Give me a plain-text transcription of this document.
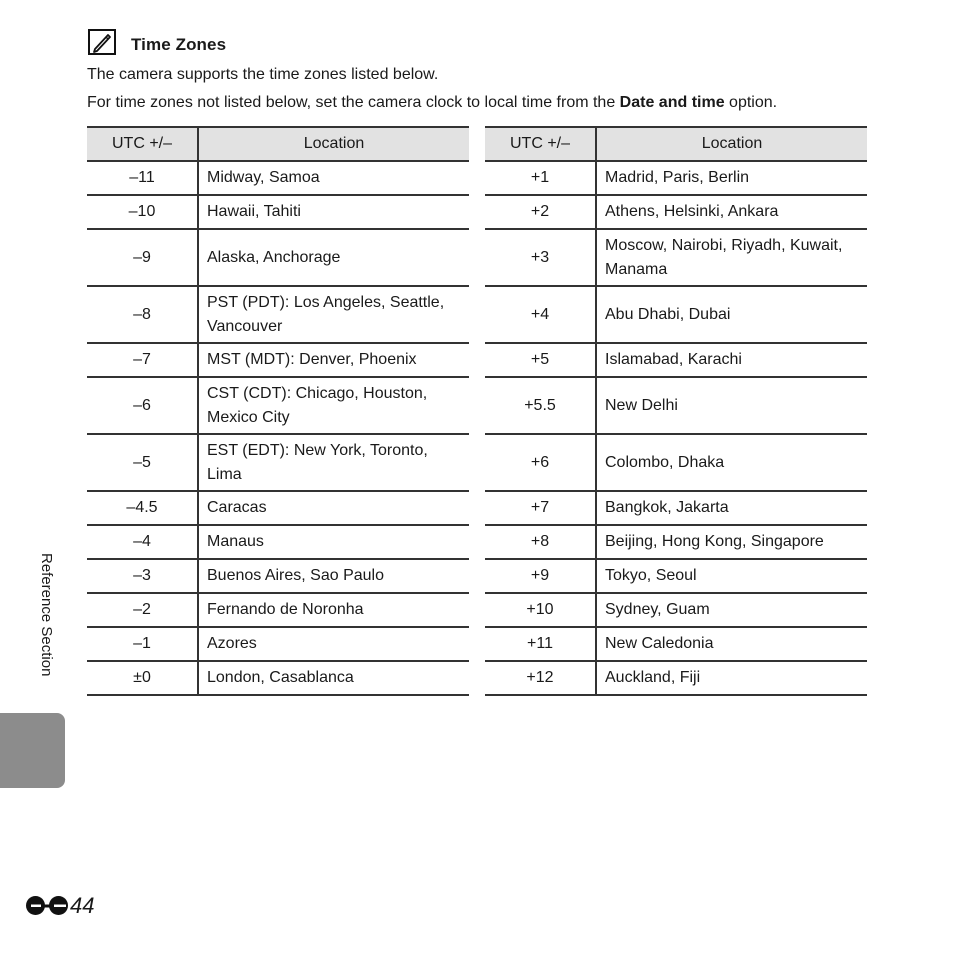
Time Zones
The camera supports the time zones listed below.
For time zones not listed below, set the camera clock to local time from the Date and time option.
UTC +/–	Location
–11	Midway, Samoa
–10	Hawaii, Tahiti
–9	Alaska, Anchorage
–8	PST (PDT): Los Angeles, Seattle, Vancouver
–7	MST (MDT): Denver, Phoenix
–6	CST (CDT): Chicago, Houston, Mexico City
–5	EST (EDT): New York, Toronto, Lima
–4.5	Caracas
–4	Manaus
–3	Buenos Aires, Sao Paulo
–2	Fernando de Noronha
–1	Azores
±0	London, Casablanca
UTC +/–	Location
+1	Madrid, Paris, Berlin
+2	Athens, Helsinki, Ankara
+3	Moscow, Nairobi, Riyadh, Kuwait, Manama
+4	Abu Dhabi, Dubai
+5	Islamabad, Karachi
+5.5	New Delhi
+6	Colombo, Dhaka
+7	Bangkok, Jakarta
+8	Beijing, Hong Kong, Singapore
+9	Tokyo, Seoul
+10	Sydney, Guam
+11	New Caledonia
+12	Auckland, Fiji
Reference Section
44
